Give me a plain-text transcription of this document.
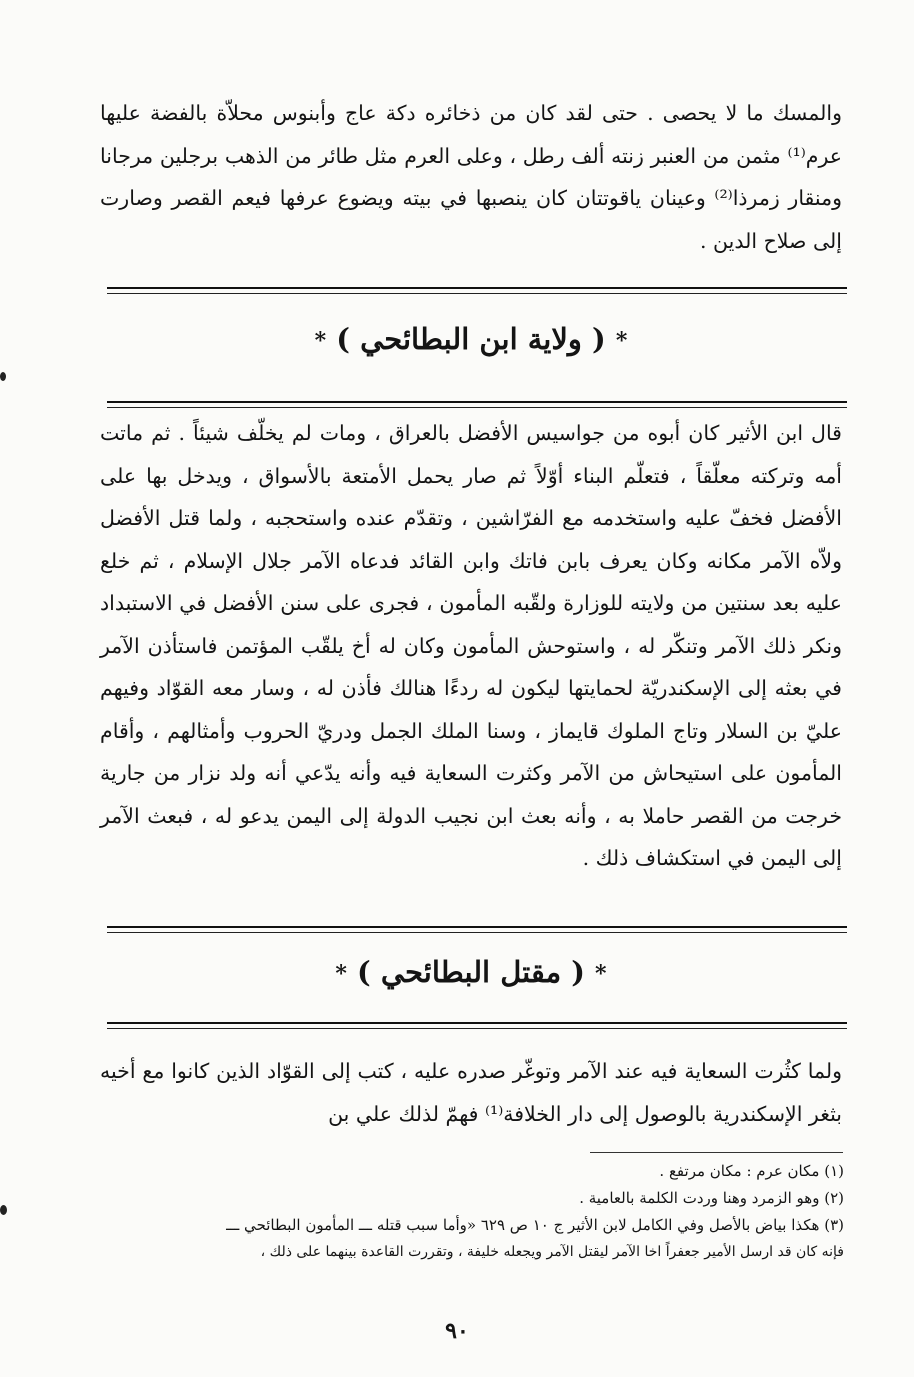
والمسك ما لا يحصى . حتى لقد كان من ذخائره دكة عاج وأبنوس محلاّة بالفضة عليها عرم⁽¹⁾ مثمن من العنبر زنته ألف رطل ، وعلى العرم مثل طائر من الذهب برجلين مرجانا ومنقار زمرذا⁽²⁾ وعينان ياقوتتان كان ينصبها في بيته ويضوع عرفها فيعم القصر وصارت إلى صلاح الدين .

* ( ولاية ابن البطائحي ) *

قال ابن الأثير كان أبوه من جواسيس الأفضل بالعراق ، ومات لم يخلّف شيئاً . ثم ماتت أمه وتركته معلّقاً ، فتعلّم البناء أوّلاً ثم صار يحمل الأمتعة بالأسواق ، ويدخل بها على الأفضل فخفّ عليه واستخدمه مع الفرّاشين ، وتقدّم عنده واستحجبه ، ولما قتل الأفضل ولاّه الآمر مكانه وكان يعرف بابن فاتك وابن القائد فدعاه الآمر جلال الإسلام ، ثم خلع عليه بعد سنتين من ولايته للوزارة ولقّبه المأمون ، فجرى على سنن الأفضل في الاستبداد ونكر ذلك الآمر وتنكّر له ، واستوحش المأمون وكان له أخ يلقّب المؤتمن فاستأذن الآمر في بعثه إلى الإسكندريّة لحمايتها ليكون له ردءًا هنالك فأذن له ، وسار معه القوّاد وفيهم عليّ بن السلار وتاج الملوك قايماز ، وسنا الملك الجمل ودريّ الحروب وأمثالهم ، وأقام المأمون على استيحاش من الآمر وكثرت السعاية فيه وأنه يدّعي أنه ولد نزار من جارية خرجت من القصر حاملا به ، وأنه بعث ابن نجيب الدولة إلى اليمن يدعو له ، فبعث الآمر إلى اليمن في استكشاف ذلك .

* ( مقتل البطائحي ) *

ولما كثُرت السعاية فيه عند الآمر وتوغّر صدره عليه ، كتب إلى القوّاد الذين كانوا مع أخيه بثغر الإسكندرية بالوصول إلى دار الخلافة⁽¹⁾ فهمّ لذلك علي بن

(١) مكان عرم : مكان مرتفع .
(٢) وهو الزمرد وهنا وردت الكلمة بالعامية .
(٣) هكذا بياض بالأصل وفي الكامل لابن الأثير ج ١٠ ص ٦٢٩ «وأما سبب قتله ـــ المأمون البطائحي ـــ
فإنه كان قد ارسل الأمير جعفراً اخا الآمر ليقتل الآمر ويجعله خليفة ، وتقررت القاعدة بينهما على ذلك ،
٩٠
